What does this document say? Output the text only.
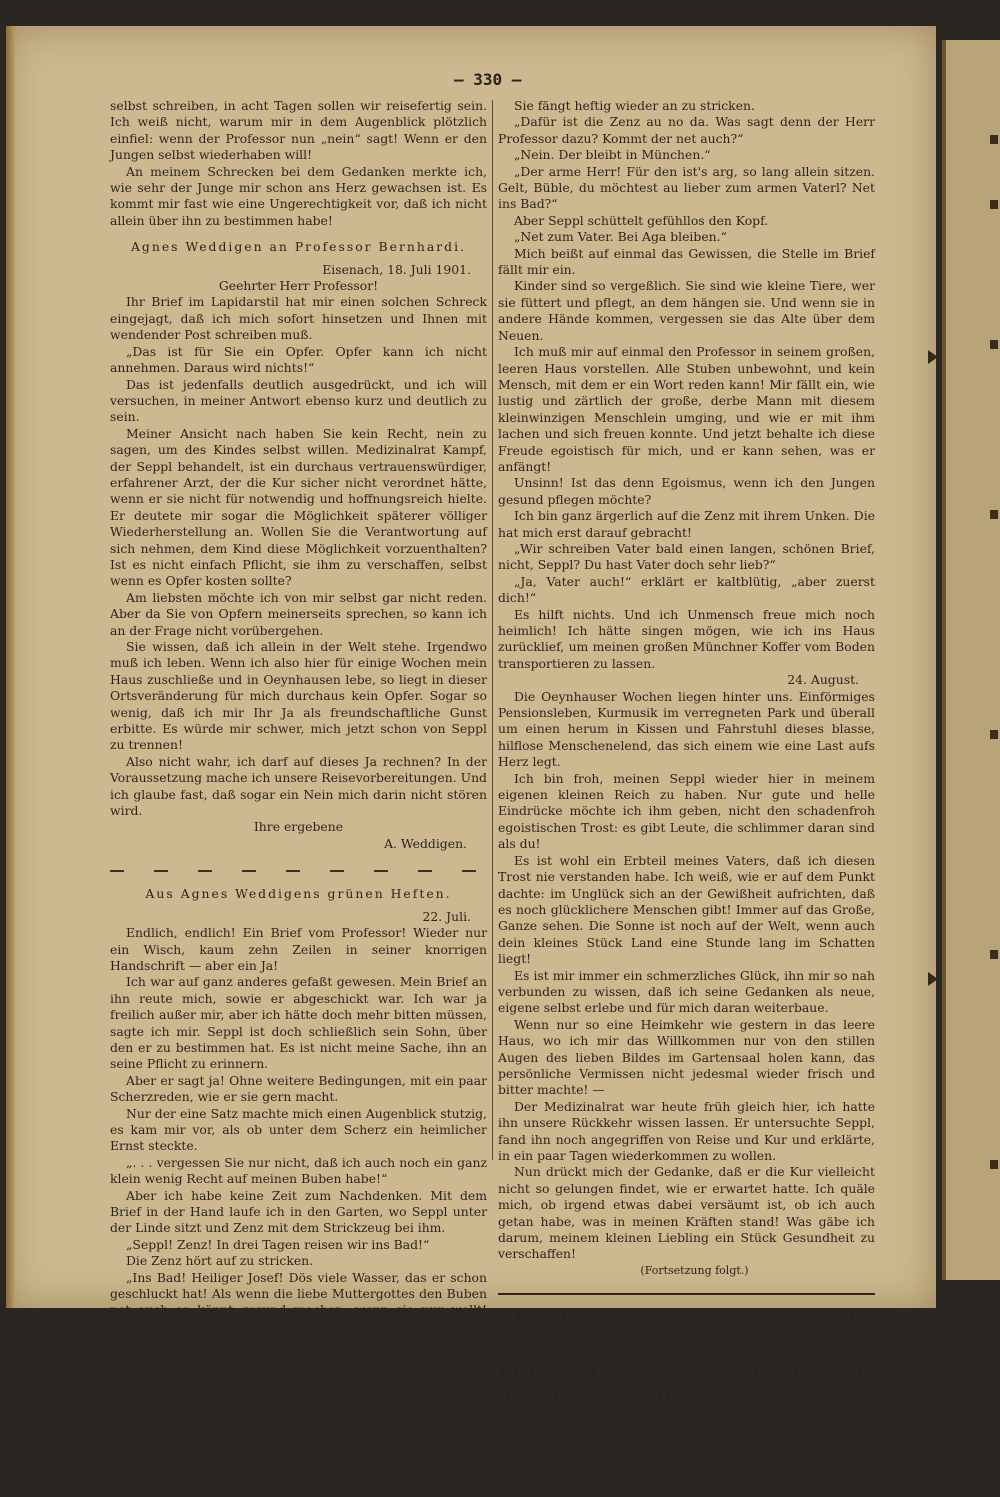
— 330 —

selbst schreiben, in acht Tagen sollen wir reisefertig sein. Ich weiß nicht, warum mir in dem Augenblick plötzlich einfiel: wenn der Professor nun „nein“ sagt! Wenn er den Jungen selbst wiederhaben will!

An meinem Schrecken bei dem Gedanken merkte ich, wie sehr der Junge mir schon ans Herz gewachsen ist. Es kommt mir fast wie eine Ungerechtigkeit vor, daß ich nicht allein über ihn zu bestimmen habe!

Agnes Weddigen an Professor Bernhardi.

Eisenach, 18. Juli 1901.

Geehrter Herr Professor!

Ihr Brief im Lapidarstil hat mir einen solchen Schreck eingejagt, daß ich mich sofort hinsetzen und Ihnen mit wendender Post schreiben muß.

„Das ist für Sie ein Opfer. Opfer kann ich nicht annehmen. Daraus wird nichts!“

Das ist jedenfalls deutlich ausgedrückt, und ich will versuchen, in meiner Antwort ebenso kurz und deutlich zu sein.

Meiner Ansicht nach haben Sie kein Recht, nein zu sagen, um des Kindes selbst willen. Medizinalrat Kampf, der Seppl behandelt, ist ein durchaus vertrauenswürdiger, erfahrener Arzt, der die Kur sicher nicht verordnet hätte, wenn er sie nicht für notwendig und hoffnungsreich hielte. Er deutete mir sogar die Möglichkeit späterer völliger Wiederherstellung an. Wollen Sie die Verantwortung auf sich nehmen, dem Kind diese Möglichkeit vorzuenthalten? Ist es nicht einfach Pflicht, sie ihm zu verschaffen, selbst wenn es Opfer kosten sollte?

Am liebsten möchte ich von mir selbst gar nicht reden. Aber da Sie von Opfern meinerseits sprechen, so kann ich an der Frage nicht vorübergehen.

Sie wissen, daß ich allein in der Welt stehe. Irgendwo muß ich leben. Wenn ich also hier für einige Wochen mein Haus zuschließe und in Oeynhausen lebe, so liegt in dieser Ortsveränderung für mich durchaus kein Opfer. Sogar so wenig, daß ich mir Ihr Ja als freundschaftliche Gunst erbitte. Es würde mir schwer, mich jetzt schon von Seppl zu trennen!

Also nicht wahr, ich darf auf dieses Ja rechnen? In der Voraussetzung mache ich unsere Reisevorbereitungen. Und ich glaube fast, daß sogar ein Nein mich darin nicht stören wird.

Ihre ergebene

A. Weddigen.

Aus Agnes Weddigens grünen Heften.

22. Juli.

Endlich, endlich! Ein Brief vom Professor! Wieder nur ein Wisch, kaum zehn Zeilen in seiner knorrigen Handschrift — aber ein Ja!

Ich war auf ganz anderes gefaßt gewesen. Mein Brief an ihn reute mich, sowie er abgeschickt war. Ich war ja freilich außer mir, aber ich hätte doch mehr bitten müssen, sagte ich mir. Seppl ist doch schließlich sein Sohn, über den er zu bestimmen hat. Es ist nicht meine Sache, ihn an seine Pflicht zu erinnern.

Aber er sagt ja! Ohne weitere Bedingungen, mit ein paar Scherzreden, wie er sie gern macht.

Nur der eine Satz machte mich einen Augenblick stutzig, es kam mir vor, als ob unter dem Scherz ein heimlicher Ernst steckte.

„. . . vergessen Sie nur nicht, daß ich auch noch ein ganz klein wenig Recht auf meinen Buben habe!“

Aber ich habe keine Zeit zum Nachdenken. Mit dem Brief in der Hand laufe ich in den Garten, wo Seppl unter der Linde sitzt und Zenz mit dem Strickzeug bei ihm.

„Seppl! Zenz! In drei Tagen reisen wir ins Bad!“

Die Zenz hört auf zu stricken.

„Ins Bad! Heiliger Josef! Dös viele Wasser, das er schon geschluckt hat! Als wenn die liebe Muttergottes den Buben net auch so könnt gesund machen, wenn sie nur wollt! Geht's Fräule denn auch mit?“

Ihr verschrumpeltes Altweibergesichtchen hat einen mißtrauischen Ausdruck. O Zenz, ich erkenne dich! Eifersüchtig bist du! Los sein möchtest du mich!

„Natürlich gehe ich mit! Was sollte der Seppl denn wohl ohne mich anfangen?“

Sie fängt heftig wieder an zu stricken.

„Dafür ist die Zenz au no da. Was sagt denn der Herr Professor dazu? Kommt der net auch?“

„Nein. Der bleibt in München.“

„Der arme Herr! Für den ist's arg, so lang allein sitzen. Gelt, Büble, du möchtest au lieber zum armen Vaterl? Net ins Bad?“

Aber Seppl schüttelt gefühllos den Kopf.

„Net zum Vater. Bei Aga bleiben.“

Mich beißt auf einmal das Gewissen, die Stelle im Brief fällt mir ein.

Kinder sind so vergeßlich. Sie sind wie kleine Tiere, wer sie füttert und pflegt, an dem hängen sie. Und wenn sie in andere Hände kommen, vergessen sie das Alte über dem Neuen.

Ich muß mir auf einmal den Professor in seinem großen, leeren Haus vorstellen. Alle Stuben unbewohnt, und kein Mensch, mit dem er ein Wort reden kann! Mir fällt ein, wie lustig und zärtlich der große, derbe Mann mit diesem kleinwinzigen Menschlein umging, und wie er mit ihm lachen und sich freuen konnte. Und jetzt behalte ich diese Freude egoistisch für mich, und er kann sehen, was er anfängt!

Unsinn! Ist das denn Egoismus, wenn ich den Jungen gesund pflegen möchte?

Ich bin ganz ärgerlich auf die Zenz mit ihrem Unken. Die hat mich erst darauf gebracht!

„Wir schreiben Vater bald einen langen, schönen Brief, nicht, Seppl? Du hast Vater doch sehr lieb?“

„Ja, Vater auch!“ erklärt er kaltblütig, „aber zuerst dich!“

Es hilft nichts. Und ich Unmensch freue mich noch heimlich! Ich hätte singen mögen, wie ich ins Haus zurücklief, um meinen großen Münchner Koffer vom Boden transportieren zu lassen.

24. August.

Die Oeynhauser Wochen liegen hinter uns. Einförmiges Pensionsleben, Kurmusik im verregneten Park und überall um einen herum in Kissen und Fahrstuhl dieses blasse, hilflose Menschenelend, das sich einem wie eine Last aufs Herz legt.

Ich bin froh, meinen Seppl wieder hier in meinem eigenen kleinen Reich zu haben. Nur gute und helle Eindrücke möchte ich ihm geben, nicht den schadenfroh egoistischen Trost: es gibt Leute, die schlimmer daran sind als du!

Es ist wohl ein Erbteil meines Vaters, daß ich diesen Trost nie verstanden habe. Ich weiß, wie er auf dem Punkt dachte: im Unglück sich an der Gewißheit aufrichten, daß es noch glücklichere Menschen gibt! Immer auf das Große, Ganze sehen. Die Sonne ist noch auf der Welt, wenn auch dein kleines Stück Land eine Stunde lang im Schatten liegt!

Es ist mir immer ein schmerzliches Glück, ihn mir so nah verbunden zu wissen, daß ich seine Gedanken als neue, eigene selbst erlebe und für mich daran weiterbaue.

Wenn nur so eine Heimkehr wie gestern in das leere Haus, wo ich mir das Willkommen nur von den stillen Augen des lieben Bildes im Gartensaal holen kann, das persönliche Vermissen nicht jedesmal wieder frisch und bitter machte! —

Der Medizinalrat war heute früh gleich hier, ich hatte ihn unsere Rückkehr wissen lassen. Er untersuchte Seppl, fand ihn noch angegriffen von Reise und Kur und erklärte, in ein paar Tagen wiederkommen zu wollen.

Nun drückt mich der Gedanke, daß er die Kur vielleicht nicht so gelungen findet, wie er erwartet hatte. Ich quäle mich, ob irgend etwas dabei versäumt ist, ob ich auch getan habe, was in meinen Kräften stand! Was gäbe ich darum, meinem kleinen Liebling ein Stück Gesundheit zu verschaffen!

(Fortsetzung folgt.)

Landgräflich hessische Verordnung über Rechte und Pflichten der Kirchenältesten aus dem Jahre 1810

Von Gottes Gnaden, Ludwig X., Landgraf zu Hessen, Herzog in Westfalen und Engern, Pfalzgraf bei Rhein, Fürst zu Hersfeld und Starkenburg, Graf zu Arnsberg und des heiligen römischen Reiches Versechter zwischen Rhein und Weser, Graf zu Katzenellenbogen, Diez, Ziegenhain, Nidda, Hanau, Schaumburg, Isenburg und Büdingen, Herr zu Friedberg und Wimpfen,
